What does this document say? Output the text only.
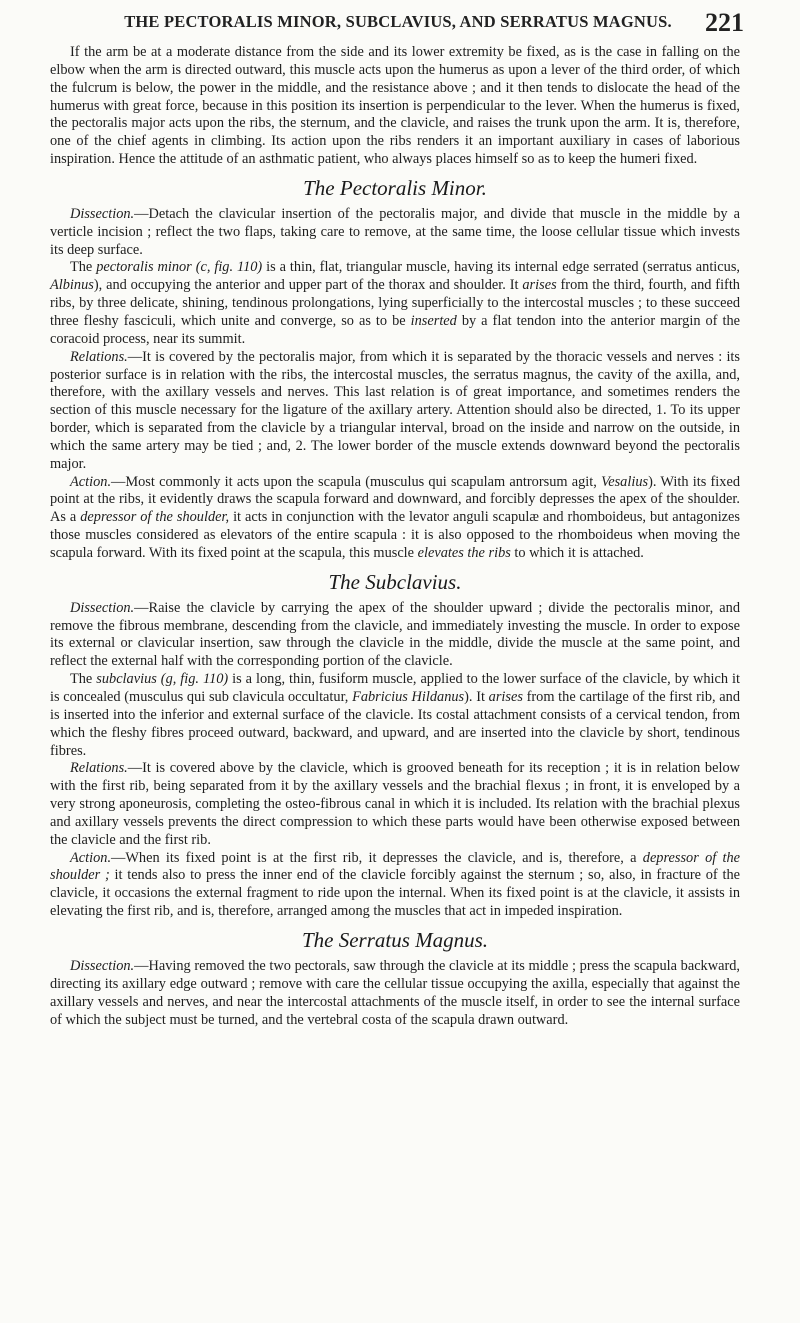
THE PECTORALIS MINOR, SUBCLAVIUS, AND SERRATUS MAGNUS. 221

If the arm be at a moderate distance from the side and its lower extremity be fixed, as is the case in falling on the elbow when the arm is directed outward, this muscle acts upon the humerus as upon a lever of the third order, of which the fulcrum is below, the power in the middle, and the resistance above ; and it then tends to dislocate the head of the humerus with great force, because in this position its insertion is perpendicular to the lever. When the humerus is fixed, the pectoralis major acts upon the ribs, the sternum, and the clavicle, and raises the trunk upon the arm. It is, therefore, one of the chief agents in climbing. Its action upon the ribs renders it an important auxiliary in cases of laborious inspiration. Hence the attitude of an asthmatic patient, who always places himself so as to keep the humeri fixed.

The Pectoralis Minor.

Dissection.—Detach the clavicular insertion of the pectoralis major, and divide that muscle in the middle by a verticle incision ; reflect the two flaps, taking care to remove, at the same time, the loose cellular tissue which invests its deep surface.

The pectoralis minor (c, fig. 110) is a thin, flat, triangular muscle, having its internal edge serrated (serratus anticus, Albinus), and occupying the anterior and upper part of the thorax and shoulder. It arises from the third, fourth, and fifth ribs, by three delicate, shining, tendinous prolongations, lying superficially to the intercostal muscles ; to these succeed three fleshy fasciculi, which unite and converge, so as to be inserted by a flat tendon into the anterior margin of the coracoid process, near its summit.

Relations.—It is covered by the pectoralis major, from which it is separated by the thoracic vessels and nerves : its posterior surface is in relation with the ribs, the intercostal muscles, the serratus magnus, the cavity of the axilla, and, therefore, with the axillary vessels and nerves. This last relation is of great importance, and sometimes renders the section of this muscle necessary for the ligature of the axillary artery. Attention should also be directed, 1. To its upper border, which is separated from the clavicle by a triangular interval, broad on the inside and narrow on the outside, in which the same artery may be tied ; and, 2. The lower border of the muscle extends downward beyond the pectoralis major.

Action.—Most commonly it acts upon the scapula (musculus qui scapulam antrorsum agit, Vesalius). With its fixed point at the ribs, it evidently draws the scapula forward and downward, and forcibly depresses the apex of the shoulder. As a depressor of the shoulder, it acts in conjunction with the levator anguli scapulæ and rhomboideus, but antagonizes those muscles considered as elevators of the entire scapula : it is also opposed to the rhomboideus when moving the scapula forward. With its fixed point at the scapula, this muscle elevates the ribs to which it is attached.

The Subclavius.

Dissection.—Raise the clavicle by carrying the apex of the shoulder upward ; divide the pectoralis minor, and remove the fibrous membrane, descending from the clavicle, and immediately investing the muscle. In order to expose its external or clavicular insertion, saw through the clavicle in the middle, divide the muscle at the same point, and reflect the external half with the corresponding portion of the clavicle.

The subclavius (g, fig. 110) is a long, thin, fusiform muscle, applied to the lower surface of the clavicle, by which it is concealed (musculus qui sub clavicula occultatur, Fabricius Hildanus). It arises from the cartilage of the first rib, and is inserted into the inferior and external surface of the clavicle. Its costal attachment consists of a cervical tendon, from which the fleshy fibres proceed outward, backward, and upward, and are inserted into the clavicle by short, tendinous fibres.

Relations.—It is covered above by the clavicle, which is grooved beneath for its reception ; it is in relation below with the first rib, being separated from it by the axillary vessels and the brachial flexus ; in front, it is enveloped by a very strong aponeurosis, completing the osteo-fibrous canal in which it is included. Its relation with the brachial plexus and axillary vessels prevents the direct compression to which these parts would have been otherwise exposed between the clavicle and the first rib.

Action.—When its fixed point is at the first rib, it depresses the clavicle, and is, therefore, a depressor of the shoulder ; it tends also to press the inner end of the clavicle forcibly against the sternum ; so, also, in fracture of the clavicle, it occasions the external fragment to ride upon the internal. When its fixed point is at the clavicle, it assists in elevating the first rib, and is, therefore, arranged among the muscles that act in impeded inspiration.

The Serratus Magnus.

Dissection.—Having removed the two pectorals, saw through the clavicle at its middle ; press the scapula backward, directing its axillary edge outward ; remove with care the cellular tissue occupying the axilla, especially that against the axillary vessels and nerves, and near the intercostal attachments of the muscle itself, in order to see the internal surface of which the subject must be turned, and the vertebral costa of the scapula drawn outward.
